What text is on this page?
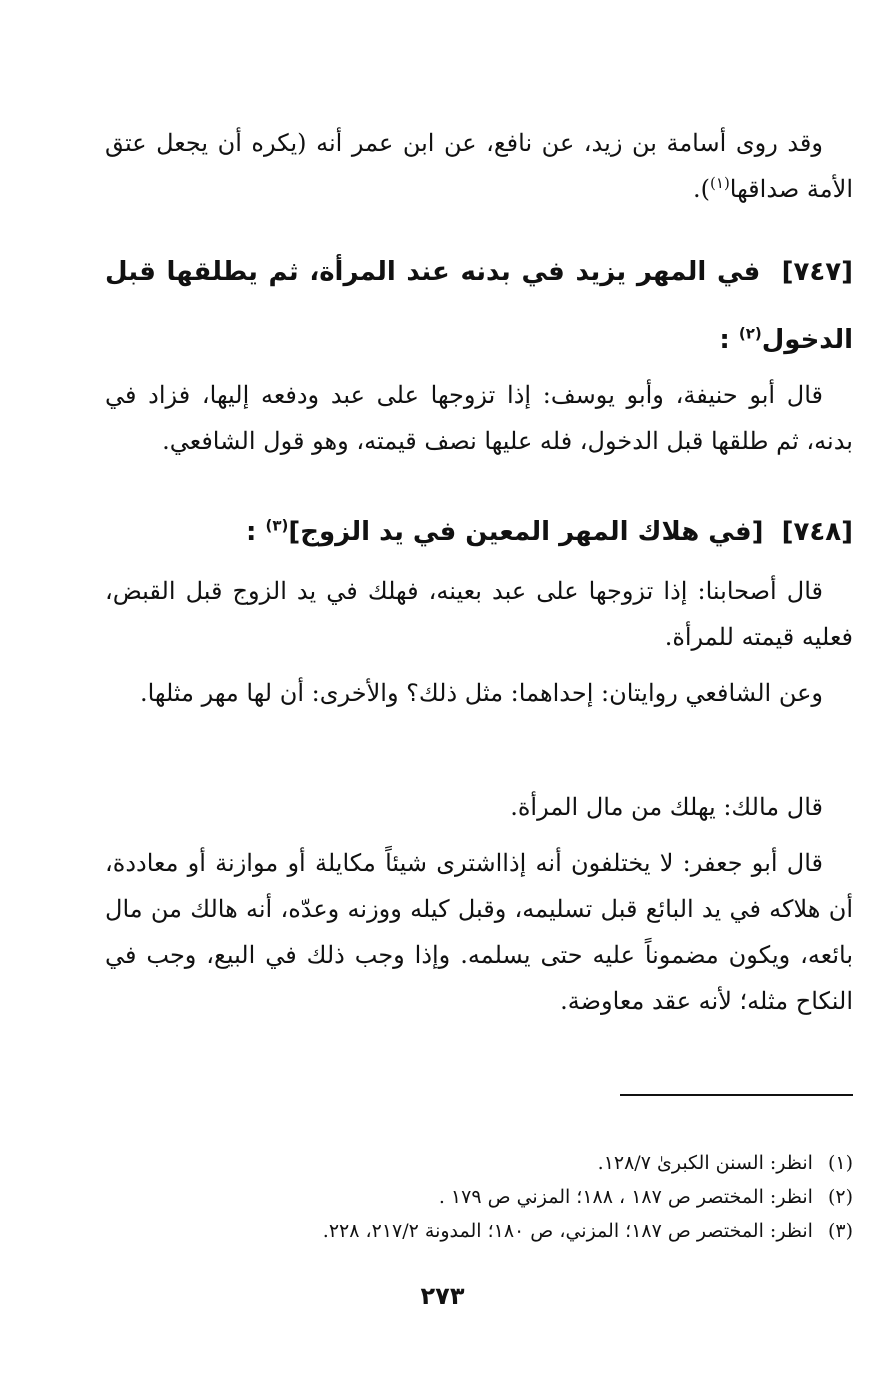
وقد روى أسامة بن زيد، عن نافع، عن ابن عمر أنه (يكره أن يجعل عتق الأمة صداقها$^{(١)}$).
[٧٤٧]  في المهر يزيد في بدنه عند المرأة، ثم يطلقها قبل الدخول$^{(٢)}$ :
قال أبو حنيفة، وأبو يوسف: إذا تزوجها على عبد ودفعه إليها، فزاد في بدنه، ثم طلقها قبل الدخول، فله عليها نصف قيمته، وهو قول الشافعي.
[٧٤٨]  [في هلاك المهر المعين في يد الزوج]$^{(٣)}$ :
قال أصحابنا: إذا تزوجها على عبد بعينه، فهلك في يد الزوج قبل القبض، فعليه قيمته للمرأة.
وعن الشافعي روايتان: إحداهما: مثل ذلك؟ والأخرى: أن لها مهر مثلها.
قال مالك: يهلك من مال المرأة.
قال أبو جعفر: لا يختلفون أنه إذااشترى شيئاً مكايلة أو موازنة أو معاددة، أن هلاكه في يد البائع قبل تسليمه، وقبل كيله ووزنه وعدّه، أنه هالك من مال بائعه، ويكون مضموناً عليه حتى يسلمه. وإذا وجب ذلك في البيع، وجب في النكاح مثله؛ لأنه عقد معاوضة.
(١) انظر: السنن الكبرىٰ ١٢٨/٧.
(٢) انظر: المختصر ص ١٨٧ ، ١٨٨؛ المزني ص ١٧٩ .
(٣) انظر: المختصر ص ١٨٧؛ المزني، ص ١٨٠؛ المدونة ٢١٧/٢، ٢٢٨.
٢٧٣
